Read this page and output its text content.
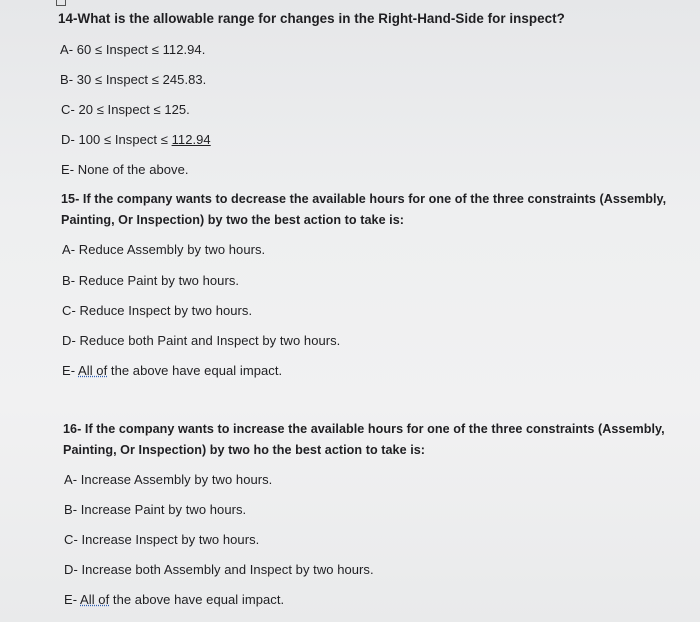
14-What is the allowable range for changes in the Right-Hand-Side for inspect?
A- 60 ≤ Inspect ≤ 112.94.
B- 30 ≤ Inspect ≤ 245.83.
C- 20 ≤ Inspect ≤ 125.
D- 100 ≤ Inspect ≤ 112.94
E- None of the above.
15- If the company wants to decrease the available hours for one of the three constraints (Assembly,
Painting, Or Inspection) by two the best action to take is:
A- Reduce Assembly by two hours.
B- Reduce Paint by two hours.
C- Reduce Inspect by two hours.
D- Reduce both Paint and Inspect by two hours.
E- All of the above have equal impact.
16- If the company wants to increase the available hours for one of the three constraints (Assembly,
Painting, Or Inspection) by two ho the best action to take is:
A- Increase Assembly by two hours.
B- Increase Paint by two hours.
C- Increase Inspect by two hours.
D- Increase both Assembly and Inspect by two hours.
E- All of the above have equal impact.
